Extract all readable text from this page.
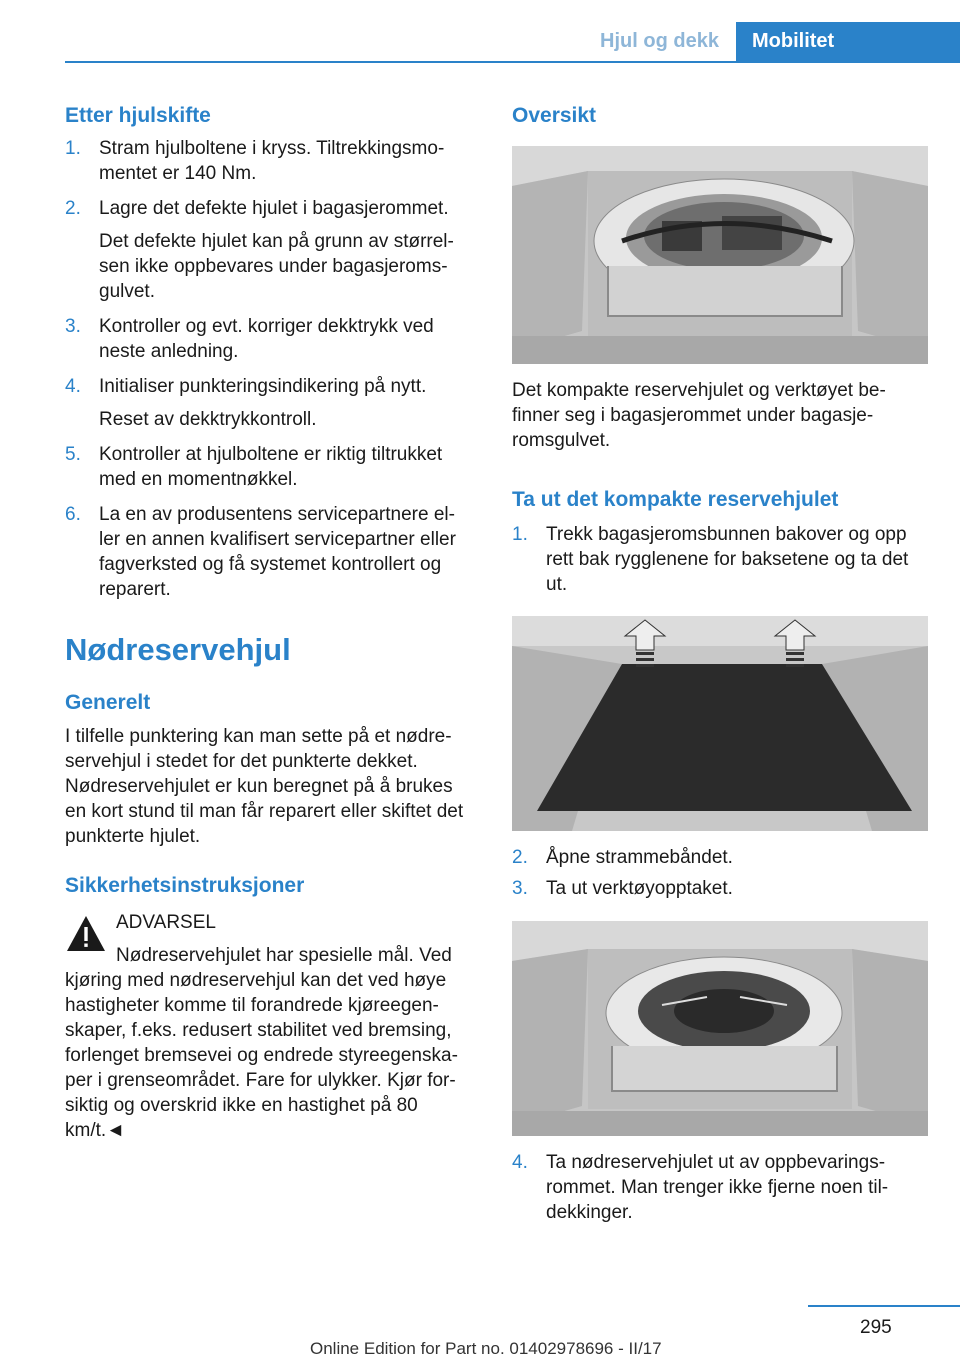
Hjul og dekk	Mobilitet
Etter hjulskifte
1. Stram hjulboltene i kryss. Tiltrekkingsmo-mentet er 140 Nm.
2. Lagre det defekte hjulet i bagasjerommet.
Det defekte hjulet kan på grunn av størrel-sen ikke oppbevares under bagasjeroms-gulvet.
3. Kontroller og evt. korriger dekktrykk ved neste anledning.
4. Initialiser punkteringsindikering på nytt.
Reset av dekktrykkontroll.
5. Kontroller at hjulboltene er riktig tiltrukket med en momentnøkkel.
6. La en av produsentens servicepartnere el-ler en annen kvalifisert servicepartner eller fagverksted og få systemet kontrollert og reparert.
Nødreservehjul
Generelt
I tilfelle punktering kan man sette på et nødre-servehjul i stedet for det punkterte dekket. Nødreservehjulet er kun beregnet på å brukes en kort stund til man får reparert eller skiftet det punkterte hjulet.
Sikkerhetsinstruksjoner
ADVARSEL
Nødreservehjulet har spesielle mål. Ved kjøring med nødreservehjul kan det ved høye hastigheter komme til forandrede kjøreegen-skaper, f.eks. redusert stabilitet ved bremsing, forlenget bremsevei og endrede styreegenska-per i grenseområdet. Fare for ulykker. Kjør for-siktig og overskrid ikke en hastighet på 80 km/t.◄
Oversikt
Det kompakte reservehjulet og verktøyet be-finner seg i bagasjerommet under bagasje-romsgulvet.
Ta ut det kompakte reservehjulet
1. Trekk bagasjeromsbunnen bakover og opp rett bak rygglenene for baksetene og ta det ut.
2. Åpne strammebåndet.
3. Ta ut verktøyopptaket.
4. Ta nødreservehjulet ut av oppbevarings-rommet. Man trenger ikke fjerne noen til-dekkinger.
295
Online Edition for Part no. 01402978696 - II/17
